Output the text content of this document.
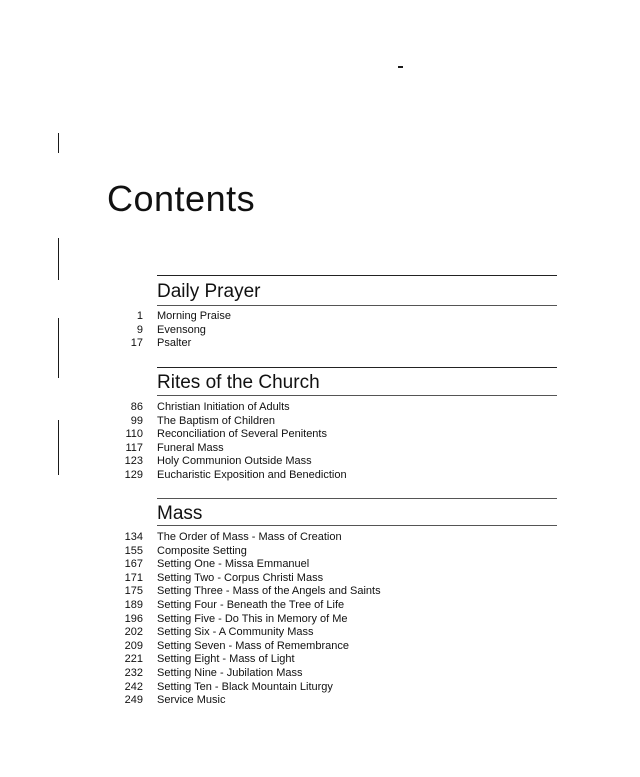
Contents
Daily Prayer
1 Morning Praise
9 Evensong
17 Psalter
Rites of the Church
86 Christian Initiation of Adults
99 The Baptism of Children
110 Reconciliation of Several Penitents
117 Funeral Mass
123 Holy Communion Outside Mass
129 Eucharistic Exposition and Benediction
Mass
134 The Order of Mass - Mass of Creation
155 Composite Setting
167 Setting One - Missa Emmanuel
171 Setting Two - Corpus Christi Mass
175 Setting Three - Mass of the Angels and Saints
189 Setting Four - Beneath the Tree of Life
196 Setting Five - Do This in Memory of Me
202 Setting Six - A Community Mass
209 Setting Seven - Mass of Remembrance
221 Setting Eight - Mass of Light
232 Setting Nine - Jubilation Mass
242 Setting Ten - Black Mountain Liturgy
249 Service Music
